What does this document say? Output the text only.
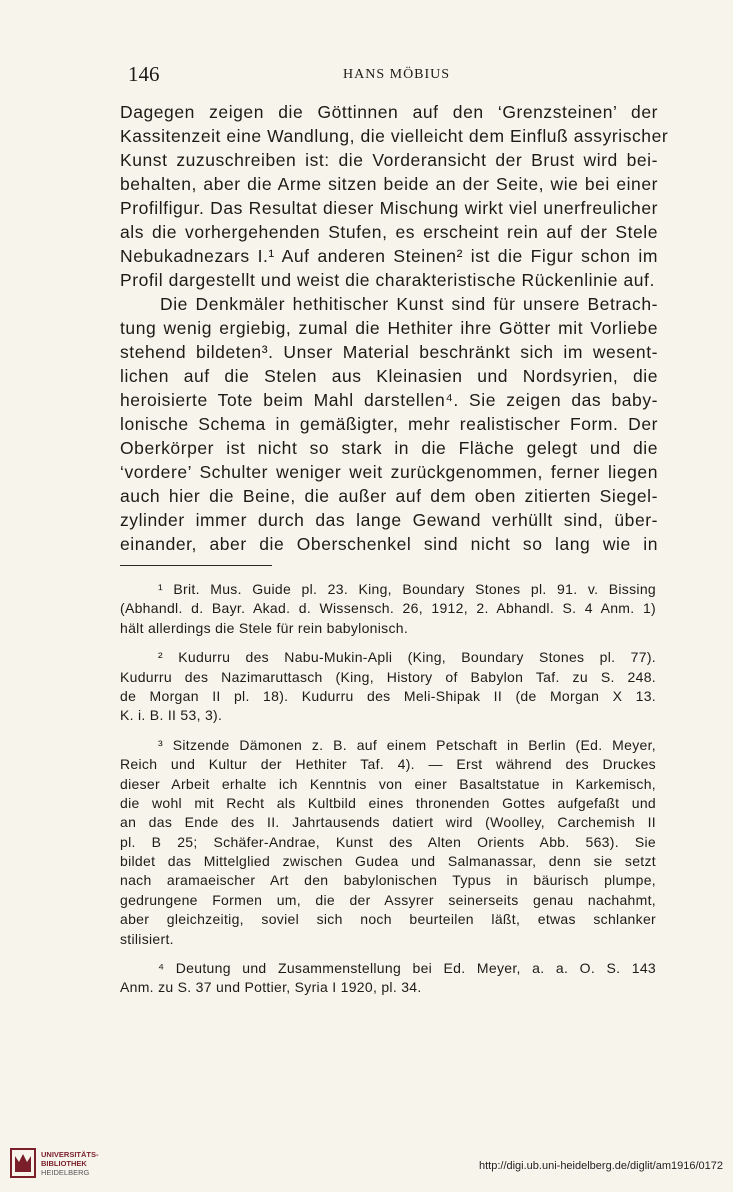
146	HANS MÖBIUS
Dagegen zeigen die Göttinnen auf den ‘Grenzsteinen’ der
Kassitenzeit eine Wandlung, die vielleicht dem Einfluß assyrischer
Kunst zuzuschreiben ist: die Vorderansicht der Brust wird bei-
behalten, aber die Arme sitzen beide an der Seite, wie bei einer
Profilfigur. Das Resultat dieser Mischung wirkt viel unerfreulicher
als die vorhergehenden Stufen, es erscheint rein auf der Stele
Nebukadnezars I.¹ Auf anderen Steinen² ist die Figur schon im
Profil dargestellt und weist die charakteristische Rückenlinie auf.
Die Denkmäler hethitischer Kunst sind für unsere Betrach-
tung wenig ergiebig, zumal die Hethiter ihre Götter mit Vorliebe
stehend bildeten³. Unser Material beschränkt sich im wesent-
lichen auf die Stelen aus Kleinasien und Nordsyrien, die
heroisierte Tote beim Mahl darstellen⁴. Sie zeigen das baby-
lonische Schema in gemäßigter, mehr realistischer Form. Der
Oberkörper ist nicht so stark in die Fläche gelegt und die
‘vordere’ Schulter weniger weit zurückgenommen, ferner liegen
auch hier die Beine, die außer auf dem oben zitierten Siegel-
zylinder immer durch das lange Gewand verhüllt sind, über-
einander, aber die Oberschenkel sind nicht so lang wie in
¹ Brit. Mus. Guide pl. 23. King, Boundary Stones pl. 91. v. Bissing
(Abhandl. d. Bayr. Akad. d. Wissensch. 26, 1912, 2. Abhandl. S. 4 Anm. 1)
hält allerdings die Stele für rein babylonisch.
² Kudurru des Nabu-Mukin-Apli (King, Boundary Stones pl. 77).
Kudurru des Nazimaruttasch (King, History of Babylon Taf. zu S. 248.
de Morgan II pl. 18). Kudurru des Meli-Shipak II (de Morgan X 13.
K. i. B. II 53, 3).
³ Sitzende Dämonen z. B. auf einem Petschaft in Berlin (Ed. Meyer,
Reich und Kultur der Hethiter Taf. 4). — Erst während des Druckes
dieser Arbeit erhalte ich Kenntnis von einer Basaltstatue in Karkemisch,
die wohl mit Recht als Kultbild eines thronenden Gottes aufgefaßt und
an das Ende des II. Jahrtausends datiert wird (Woolley, Carchemish II
pl. B 25; Schäfer-Andrae, Kunst des Alten Orients Abb. 563). Sie
bildet das Mittelglied zwischen Gudea und Salmanassar, denn sie setzt
nach aramaeischer Art den babylonischen Typus in bäurisch plumpe,
gedrungene Formen um, die der Assyrer seinerseits genau nachahmt,
aber gleichzeitig, soviel sich noch beurteilen läßt, etwas schlanker
stilisiert.
⁴ Deutung und Zusammenstellung bei Ed. Meyer, a. a. O. S. 143
Anm. zu S. 37 und Pottier, Syria I 1920, pl. 34.
UNIVERSITÄTS-
BIBLIOTHEK
HEIDELBERG
http://digi.ub.uni-heidelberg.de/diglit/am1916/0172
